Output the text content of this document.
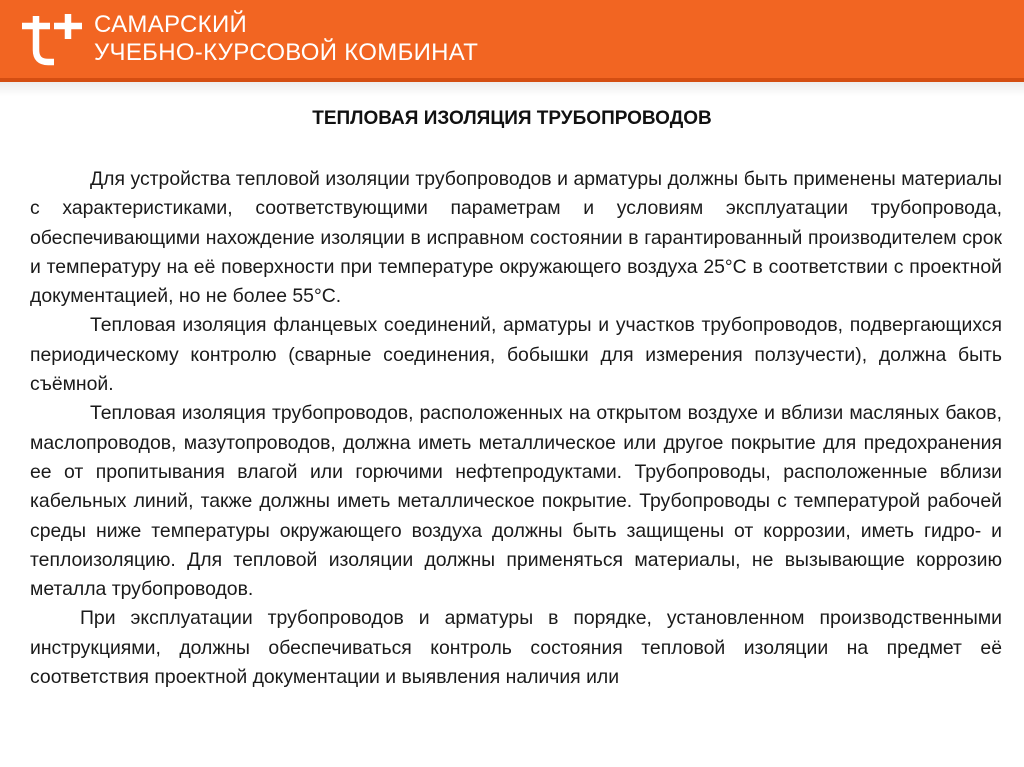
САМАРСКИЙ
УЧЕБНО-КУРСОВОЙ КОМБИНАТ
ТЕПЛОВАЯ ИЗОЛЯЦИЯ ТРУБОПРОВОДОВ

Для устройства тепловой изоляции трубопроводов и арматуры должны быть применены материалы с характеристиками, соответствующими параметрам и условиям эксплуатации трубопровода, обеспечивающими нахождение изоляции в исправном состоянии в гарантированный производителем срок и температуру на её поверхности при температуре окружающего воздуха 25°C в соответствии с проектной документацией, но не более 55°C.

Тепловая изоляция фланцевых соединений, арматуры и участков трубопроводов, подвергающихся периодическому контролю (сварные соединения, бобышки для измерения ползучести), должна быть съёмной.

Тепловая изоляция трубопроводов, расположенных на открытом воздухе и вблизи масляных баков, маслопроводов, мазутопроводов, должна иметь металлическое или другое покрытие для предохранения ее от пропитывания влагой или горючими нефтепродуктами. Трубопроводы, расположенные вблизи кабельных линий, также должны иметь металлическое покрытие. Трубопроводы с температурой рабочей среды ниже температуры окружающего воздуха должны быть защищены от коррозии, иметь гидро- и теплоизоляцию. Для тепловой изоляции должны применяться материалы, не вызывающие коррозию металла трубопроводов.

При эксплуатации трубопроводов и арматуры в порядке, установленном производственными инструкциями, должны обеспечиваться контроль состояния тепловой изоляции на предмет её соответствия проектной документации и выявления наличия или
